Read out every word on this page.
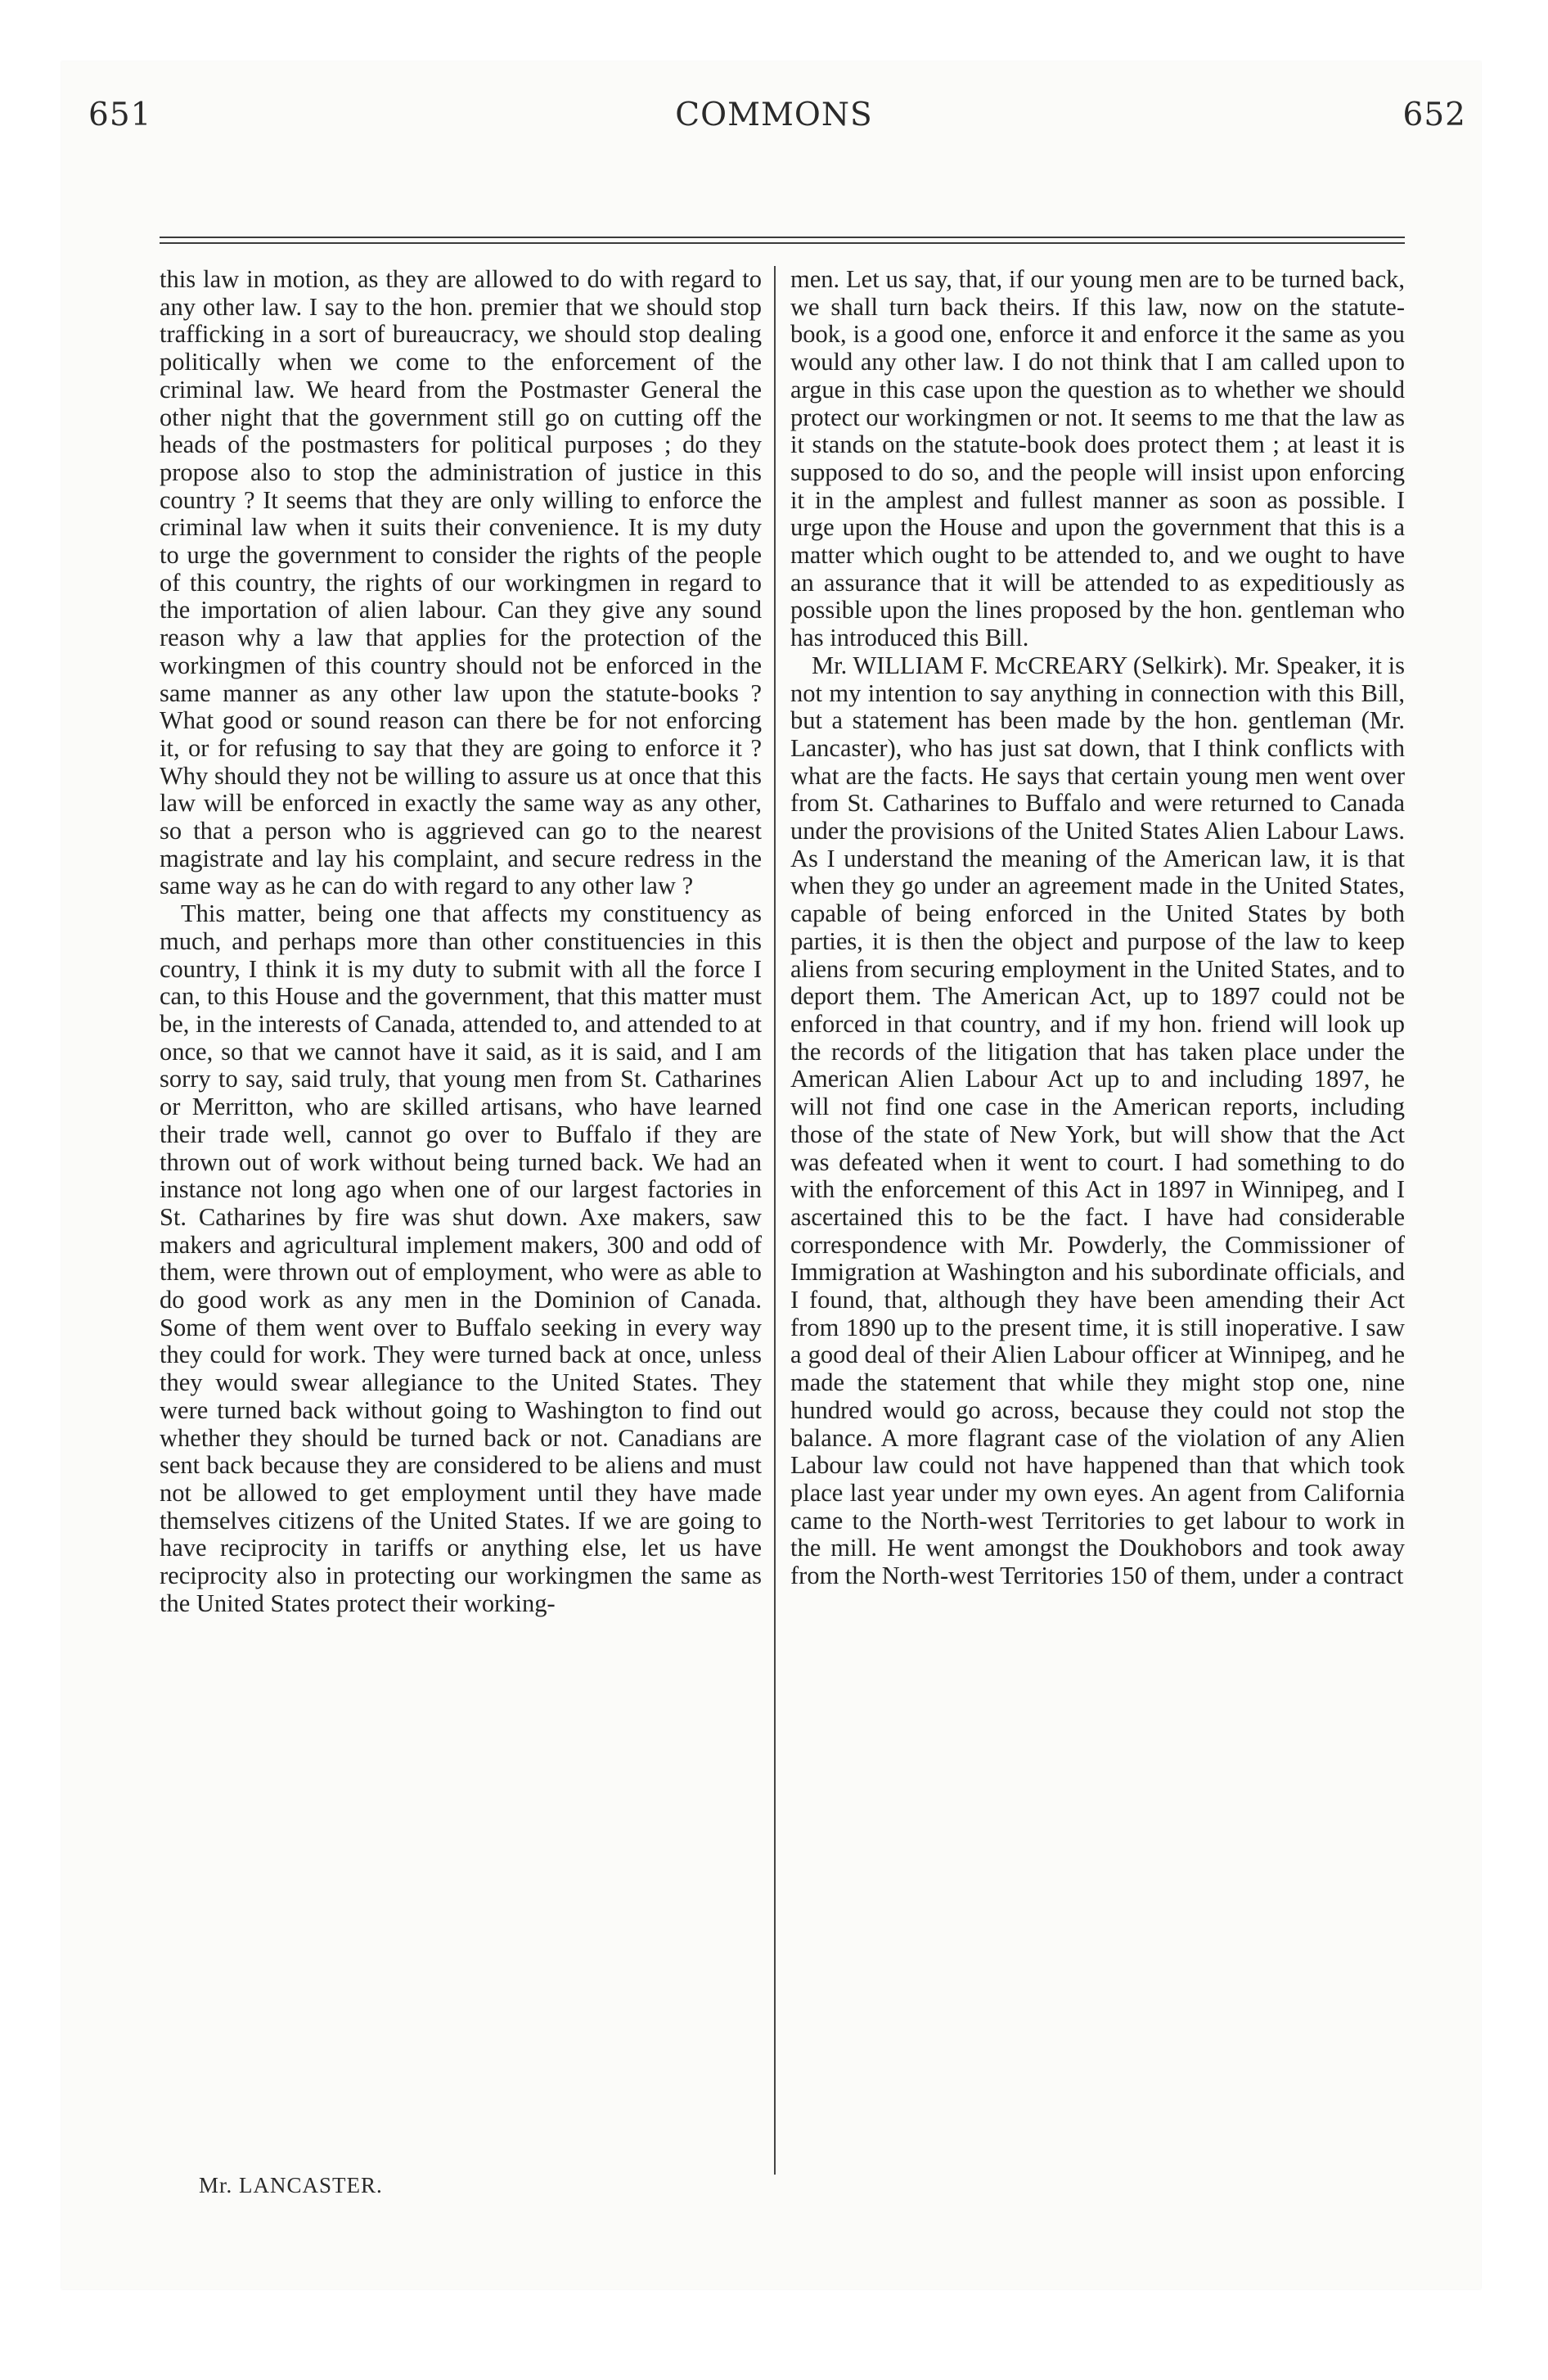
651	COMMONS	652

this law in motion, as they are allowed to do with regard to any other law. I say to the hon. premier that we should stop trafficking in a sort of bureaucracy, we should stop dealing politically when we come to the enforcement of the criminal law. We heard from the Postmaster General the other night that the government still go on cutting off the heads of the postmasters for political purposes ; do they propose also to stop the administration of justice in this country ? It seems that they are only willing to enforce the criminal law when it suits their convenience. It is my duty to urge the government to consider the rights of the people of this country, the rights of our workingmen in regard to the importation of alien labour. Can they give any sound reason why a law that applies for the protection of the workingmen of this country should not be enforced in the same manner as any other law upon the statute-books ? What good or sound reason can there be for not enforcing it, or for refusing to say that they are going to enforce it ? Why should they not be willing to assure us at once that this law will be enforced in exactly the same way as any other, so that a person who is aggrieved can go to the nearest magistrate and lay his complaint, and secure redress in the same way as he can do with regard to any other law ?

This matter, being one that affects my constituency as much, and perhaps more than other constituencies in this country, I think it is my duty to submit with all the force I can, to this House and the government, that this matter must be, in the interests of Canada, attended to, and attended to at once, so that we cannot have it said, as it is said, and I am sorry to say, said truly, that young men from St. Catharines or Merritton, who are skilled artisans, who have learned their trade well, cannot go over to Buffalo if they are thrown out of work without being turned back. We had an instance not long ago when one of our largest factories in St. Catharines by fire was shut down. Axe makers, saw makers and agricultural implement makers, 300 and odd of them, were thrown out of employment, who were as able to do good work as any men in the Dominion of Canada. Some of them went over to Buffalo seeking in every way they could for work. They were turned back at once, unless they would swear allegiance to the United States. They were turned back without going to Washington to find out whether they should be turned back or not. Canadians are sent back because they are considered to be aliens and must not be allowed to get employment until they have made themselves citizens of the United States. If we are going to have reciprocity in tariffs or anything else, let us have reciprocity also in protecting our workingmen the same as the United States protect their working-

men. Let us say, that, if our young men are to be turned back, we shall turn back theirs. If this law, now on the statute-book, is a good one, enforce it and enforce it the same as you would any other law. I do not think that I am called upon to argue in this case upon the question as to whether we should protect our workingmen or not. It seems to me that the law as it stands on the statute-book does protect them ; at least it is supposed to do so, and the people will insist upon enforcing it in the amplest and fullest manner as soon as possible. I urge upon the House and upon the government that this is a matter which ought to be attended to, and we ought to have an assurance that it will be attended to as expeditiously as possible upon the lines proposed by the hon. gentleman who has introduced this Bill.

Mr. WILLIAM F. McCREARY (Selkirk). Mr. Speaker, it is not my intention to say anything in connection with this Bill, but a statement has been made by the hon. gentleman (Mr. Lancaster), who has just sat down, that I think conflicts with what are the facts. He says that certain young men went over from St. Catharines to Buffalo and were returned to Canada under the provisions of the United States Alien Labour Laws. As I understand the meaning of the American law, it is that when they go under an agreement made in the United States, capable of being enforced in the United States by both parties, it is then the object and purpose of the law to keep aliens from securing employment in the United States, and to deport them. The American Act, up to 1897 could not be enforced in that country, and if my hon. friend will look up the records of the litigation that has taken place under the American Alien Labour Act up to and including 1897, he will not find one case in the American reports, including those of the state of New York, but will show that the Act was defeated when it went to court. I had something to do with the enforcement of this Act in 1897 in Winnipeg, and I ascertained this to be the fact. I have had considerable correspondence with Mr. Powderly, the Commissioner of Immigration at Washington and his subordinate officials, and I found, that, although they have been amending their Act from 1890 up to the present time, it is still inoperative. I saw a good deal of their Alien Labour officer at Winnipeg, and he made the statement that while they might stop one, nine hundred would go across, because they could not stop the balance. A more flagrant case of the violation of any Alien Labour law could not have happened than that which took place last year under my own eyes. An agent from California came to the North-west Territories to get labour to work in the mill. He went amongst the Doukhobors and took away from the North-west Territories 150 of them, under a contract

Mr. LANCASTER.
